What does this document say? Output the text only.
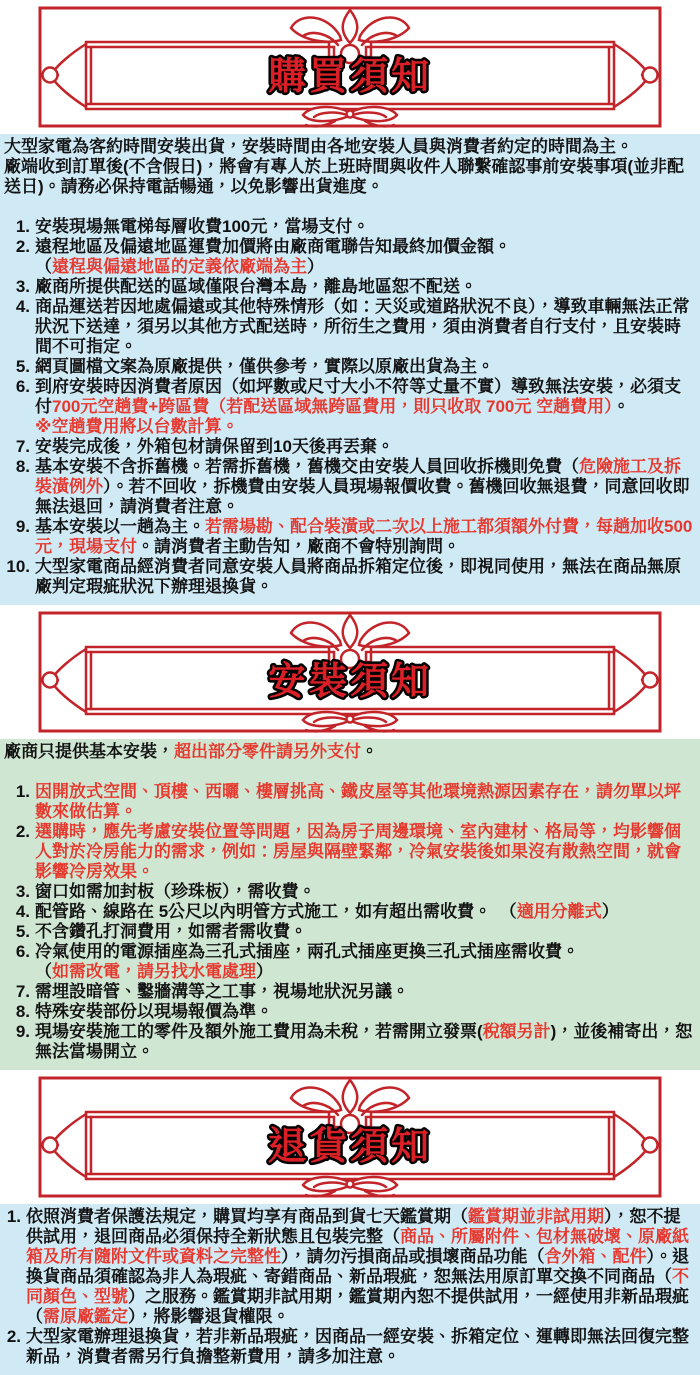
購買須知
大型家電為客約時間安裝出貨，安裝時間由各地安裝人員與消費者約定的時間為主。
廠端收到訂單後(不含假日)，將會有專人於上班時間與收件人聯繫確認事前安裝事項(並非配送日)。請務必保持電話暢通，以免影響出貨進度。
1. 安裝現場無電梯每層收費100元，當場支付。
2. 遠程地區及偏遠地區運費加價將由廠商電聯告知最終加價金額。
（遠程與偏遠地區的定義依廠端為主）
3. 廠商所提供配送的區域僅限台灣本島，離島地區恕不配送。
4. 商品運送若因地處偏遠或其他特殊情形（如：天災或道路狀況不良），導致車輛無法正常狀況下送達，須另以其他方式配送時，所衍生之費用，須由消費者自行支付，且安裝時間不可指定。
5. 網頁圖檔文案為原廠提供，僅供參考，實際以原廠出貨為主。
6. 到府安裝時因消費者原因（如坪數或尺寸大小不符等丈量不實）導致無法安裝，必須支付700元空趟費+跨區費（若配送區域無跨區費用，則只收取 700元 空趟費用）。
※空趟費用將以台數計算。
7. 安裝完成後，外箱包材請保留到10天後再丟棄。
8. 基本安裝不含拆舊機。若需拆舊機，舊機交由安裝人員回收拆機則免費（危險施工及拆裝潢例外）。若不回收，拆機費由安裝人員現場報價收費。舊機回收無退費，同意回收即無法退回，請消費者注意。
9. 基本安裝以一趟為主。若需場勘、配合裝潢或二次以上施工都須額外付費，每趟加收500元，現場支付。請消費者主動告知，廠商不會特別詢問。
10. 大型家電商品經消費者同意安裝人員將商品拆箱定位後，即視同使用，無法在商品無原廠判定瑕疵狀況下辦理退換貨。
安裝須知
廠商只提供基本安裝，超出部分零件請另外支付。
1. 因開放式空間、頂樓、西曬、樓層挑高、鐵皮屋等其他環境熱源因素存在，請勿單以坪數來做估算。
2. 選購時，應先考慮安裝位置等問題，因為房子周邊環境、室內建材、格局等，均影響個人對於冷房能力的需求，例如：房屋與隔壁緊鄰，冷氣安裝後如果沒有散熱空間，就會影響冷房效果。
3. 窗口如需加封板（珍珠板），需收費。
4. 配管路、線路在 5公尺以內明管方式施工，如有超出需收費。　（適用分離式）
5. 不含鑽孔打洞費用，如需者需收費。
6. 冷氣使用的電源插座為三孔式插座，兩孔式插座更換三孔式插座需收費。
（如需改電，請另找水電處理）
7. 需埋設暗管、鑿牆溝等之工事，視場地狀況另議。
8. 特殊安裝部份以現場報價為準。
9. 現場安裝施工的零件及額外施工費用為未稅，若需開立發票(稅額另計)，並後補寄出，恕無法當場開立。
退貨須知
1. 依照消費者保護法規定，購買均享有商品到貨七天鑑賞期（鑑賞期並非試用期），恕不提供試用，退回商品必須保持全新狀態且包裝完整（商品、所屬附件、包材無破壞、原廠紙箱及所有隨附文件或資料之完整性），請勿污損商品或損壞商品功能（含外箱、配件）。退換貨商品須確認為非人為瑕疵、寄錯商品、新品瑕疵，恕無法用原訂單交換不同商品（不同顏色、型號）之服務。鑑賞期非試用期，鑑賞期內恕不提供試用，一經使用非新品瑕疵（需原廠鑑定），將影響退貨權限。
2. 大型家電辦理退換貨，若非新品瑕疵，因商品一經安裝、拆箱定位、運轉即無法回復完整新品，消費者需另行負擔整新費用，請多加注意。
